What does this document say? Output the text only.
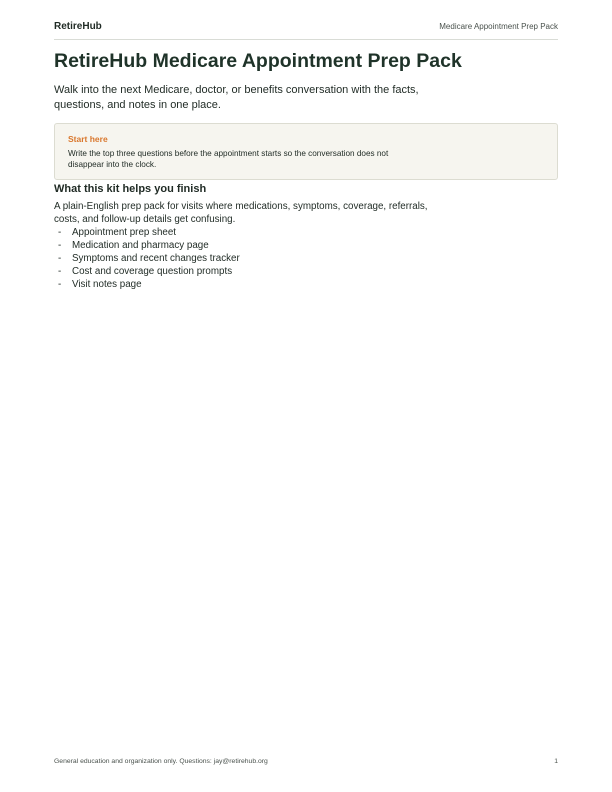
RetireHub	Medicare Appointment Prep Pack
RetireHub Medicare Appointment Prep Pack

Walk into the next Medicare, doctor, or benefits conversation with the facts, questions, and notes in one place.

Start here
Write the top three questions before the appointment starts so the conversation does not disappear into the clock.
What this kit helps you finish

A plain-English prep pack for visits where medications, symptoms, coverage, referrals, costs, and follow-up details get confusing.

- Appointment prep sheet
- Medication and pharmacy page
- Symptoms and recent changes tracker
- Cost and coverage question prompts
- Visit notes page
General education and organization only. Questions: jay@retirehub.org	1
